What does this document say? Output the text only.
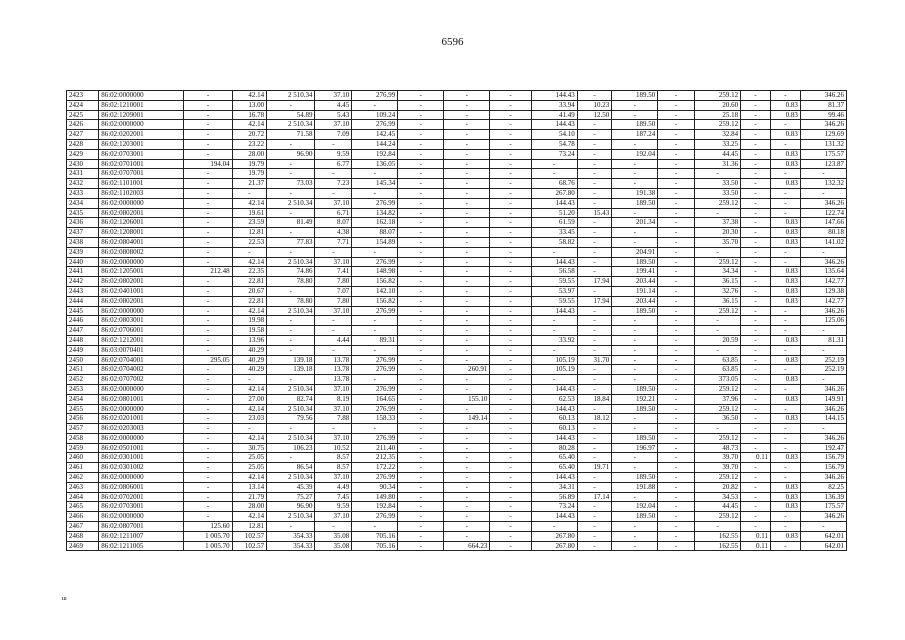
6596
2423	86:02:0000000	-	42.14	2 510.34	37.10	276.99	-	-	-	144.43	-	189.50	-	259.12	-	-	346.26
2424	86:02:1210001	-	13.00	-	4.45	-	-	-	-	33.94	10.23	-	-	20.60	-	0.83	81.37
2425	86:02:1209001	-	16.78	54.89	5.43	109.24	-	-	-	41.49	12.50	-	-	25.18	-	0.83	99.46
2426	86:02:0000000	-	42.14	2 510.34	37.10	276.99	-	-	-	144.43	-	189.50	-	259.12	-	-	346.26
2427	86:02:0202001	-	20.72	71.58	7.09	142.45	-	-	-	54.10	-	187.24	-	32.84	-	0.83	129.69
2428	86:02:1203001	-	23.22	-	-	144.24	-	-	-	54.78	-	-	-	33.25	-	-	131.32
2429	86:02:0703001	-	28.00	96.90	9.59	192.84	-	-	-	73.24	-	192.04	-	44.45	-	0.83	175.57
2430	86:02:0701001	194.04	19.79	-	6.77	136.05	-	-	-	-	-	-	-	31.36	-	0.83	123.87
2431	86:02:0707001	-	19.79	-	-	-	-	-	-	-	-	-	-	-	-	-	-
2432	86:02:1101001	-	21.37	73.03	7.23	145.34	-	-	-	68.76	-	-	-	33.50	-	0.83	132.32
2433	86:02:1102003	-	-	-	-	-	-	-	-	267.80	-	191.38	-	33.50	-	-	-
2434	86:02:0000000	-	42.14	2 510.34	37.10	276.99	-	-	-	144.43	-	189.50	-	259.12	-	-	346.26
2435	86:02:0802001	-	19.61	-	6.71	134.82	-	-	-	51.20	15.43	-	-	-	-	-	122.74
2436	86:02:1206001	-	23.59	81.49	8.07	162.18	-	-	-	61.59	-	201.34	-	37.38	-	0.83	147.66
2437	86:02:1208001	-	12.81	-	4.38	88.07	-	-	-	33.45	-	-	-	20.30	-	0.83	80.18
2438	86:02:0804001	-	22.53	77.83	7.71	154.89	-	-	-	58.82	-	-	-	35.70	-	0.83	141.02
2439	86:02:0808002	-	-	-	-	-	-	-	-	-	-	204.91	-	-	-	-	-
2440	86:02:0000000	-	42.14	2 510.34	37.10	276.99	-	-	-	144.43	-	189.50	-	259.12	-	-	346.26
2441	86:02:1205001	212.48	22.35	74.86	7.41	148.98	-	-	-	56.58	-	199.41	-	34.34	-	0.83	135.64
2442	86:02:0802001	-	22.81	78.80	7.80	156.82	-	-	-	59.55	17.94	203.44	-	36.15	-	0.83	142.77
2443	86:02:0401001	-	20.67	-	7.07	142.10	-	-	-	53.97	-	191.14	-	32.76	-	0.83	129.38
2444	86:02:0802001	-	22.81	78.80	7.80	156.82	-	-	-	59.55	17.94	203.44	-	36.15	-	0.83	142.77
2445	86:02:0000000	-	42.14	2 510.34	37.10	276.99	-	-	-	144.43	-	189.50	-	259.12	-	-	346.26
2446	86:02:0803001	-	19.98	-	-	-	-	-	-	-	-	-	-	-	-	-	125.06
2447	86:02:0706001	-	19.58	-	-	-	-	-	-	-	-	-	-	-	-	-	-
2448	86:02:1212001	-	13.96	-	4.44	89.31	-	-	-	33.92	-	-	-	20.59	-	0.83	81.31
2449	86:03:0070401	-	40.29	-	-	-	-	-	-	-	-	-	-	-	-	-	-
2450	86:02:0704001	295.05	40.29	139.18	13.78	276.99	-	-	-	105.19	31.70	-	-	63.85	-	0.83	252.19
2451	86:02:0704002	-	40.29	139.18	13.78	276.99	-	260.91	-	105.19	-	-	-	63.85	-	-	252.19
2452	86:02:0707002	-	-	-	13.78	-	-	-	-	-	-	-	-	373.05	-	0.83	-
2453	86:02:0000000	-	42.14	2 510.34	37.10	276.99	-	-	-	144.43	-	189.50	-	259.12	-	-	346.26
2454	86:02:0801001	-	27.00	82.74	8.19	164.65	-	155.10	-	62.53	18.84	192.21	-	37.96	-	0.83	149.91
2455	86:02:0000000	-	42.14	2 510.34	37.10	276.99	-	-	-	144.43	-	189.50	-	259.12	-	-	346.26
2456	86:02:0201001	-	23.03	79.56	7.88	158.33	-	149.14	-	60.13	18.12	-	-	36.50	-	0.83	144.15
2457	86:02:0203003	-	-	-	-	-	-	-	-	60.13	-	-	-	-	-	-	-
2458	86:02:0000000	-	42.14	2 510.34	37.10	276.99	-	-	-	144.43	-	189.50	-	259.12	-	-	346.26
2459	86:02:0501001	-	30.75	106.23	10.52	211.40	-	-	-	80.28	-	196.97	-	48.73	-	-	192.47
2460	86:02:0301001	-	25.05	-	8.57	212.35	-	-	-	65.40	-	-	-	39.70	0.11	0.83	156.79
2461	86:02:0301002	-	25.05	86.54	8.57	172.22	-	-	-	65.40	19.71	-	-	39.70	-	-	156.79
2462	86:02:0000000	-	42.14	2 510.34	37.10	276.99	-	-	-	144.43	-	189.50	-	259.12	-	-	346.26
2463	86:02:0806001	-	13.14	45.39	4.49	90.34	-	-	-	34.31	-	191.88	-	20.82	-	0.83	82.25
2464	86:02:0702001	-	21.79	75.27	7.45	149.80	-	-	-	56.89	17.14	-	-	34.53	-	0.83	136.39
2465	86:02:0703001	-	28.00	96.90	9.59	192.84	-	-	-	73.24	-	192.04	-	44.45	-	0.83	175.57
2466	86:02:0000000	-	42.14	2 510.34	37.10	276.99	-	-	-	144.43	-	189.50	-	259.12	-	-	346.26
2467	86:02:0807001	125.60	12.81	-	-	-	-	-	-	-	-	-	-	-	-	-	-
2468	86:02:1211007	1 005.70	102.57	354.33	35.08	705.16	-	-	-	267.80	-	-	-	162.55	0.11	0.83	642.01
2469	86:02:1211005	1 005.70	102.57	354.33	35.08	705.16	-	664.23	-	267.80	-	-	-	162.55	0.11	-	642.01
ш
